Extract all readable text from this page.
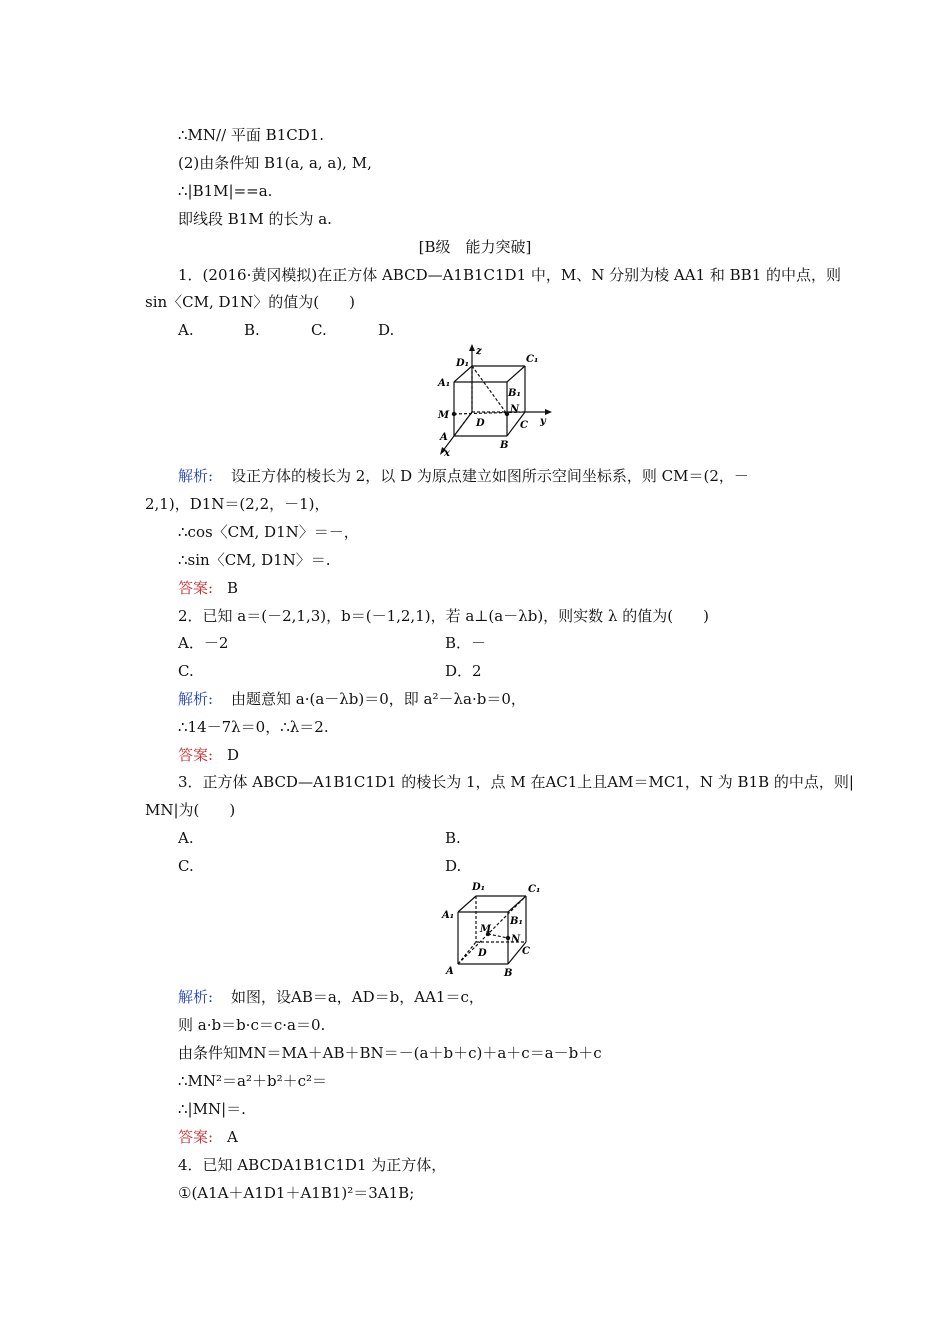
∴MN// 平面 B1CD1.
(2)由条件知 B1(a, a, a), M,
∴|B1M|==a.
即线段 B1M 的长为 a.
[B级　能力突破]
1．(2016·黄冈模拟)在正方体 ABCD—A1B1C1D1 中，M、N 分别为棱 AA1 和 BB1 的中点，则
sin〈CM, D1N〉的值为(　　)
A.	B.	C.	D.
z
y
x
D₁	C₁
A₁
B₁
M
N
D	C
A
B
解析: 设正方体的棱长为 2，以 D 为原点建立如图所示空间坐标系，则 CM＝(2，－
2,1)，D1N＝(2,2，－1)，
∴cos〈CM, D1N〉＝－，
∴sin〈CM, D1N〉＝.
答案: B
2．已知 a＝(－2,1,3)，b＝(－1,2,1)，若 a⊥(a－λb)，则实数 λ 的值为(　　)
A．－2	B．－
C.	D．2
解析: 由题意知 a·(a－λb)＝0，即 a²－λa·b＝0，
∴14－7λ＝0，∴λ＝2.
答案: D
3．正方体 ABCD—A1B1C1D1 的棱长为 1，点 M 在AC1上且AM＝MC1，N 为 B1B 的中点，则|
MN|为(　　)
A.	B.
C.	D.
D₁	C₁
A₁
B₁
M
N
D	C
A	B
解析: 如图，设AB＝a，AD＝b，AA1＝c，
则 a·b＝b·c＝c·a＝0.
由条件知MN＝MA＋AB＋BN＝－(a＋b＋c)＋a＋c＝a－b＋c
∴MN²＝a²＋b²＋c²＝
∴|MN|＝.
答案: A
4．已知 ABCDA1B1C1D1 为正方体，
①(A1A＋A1D1＋A1B1)²＝3A1B;
